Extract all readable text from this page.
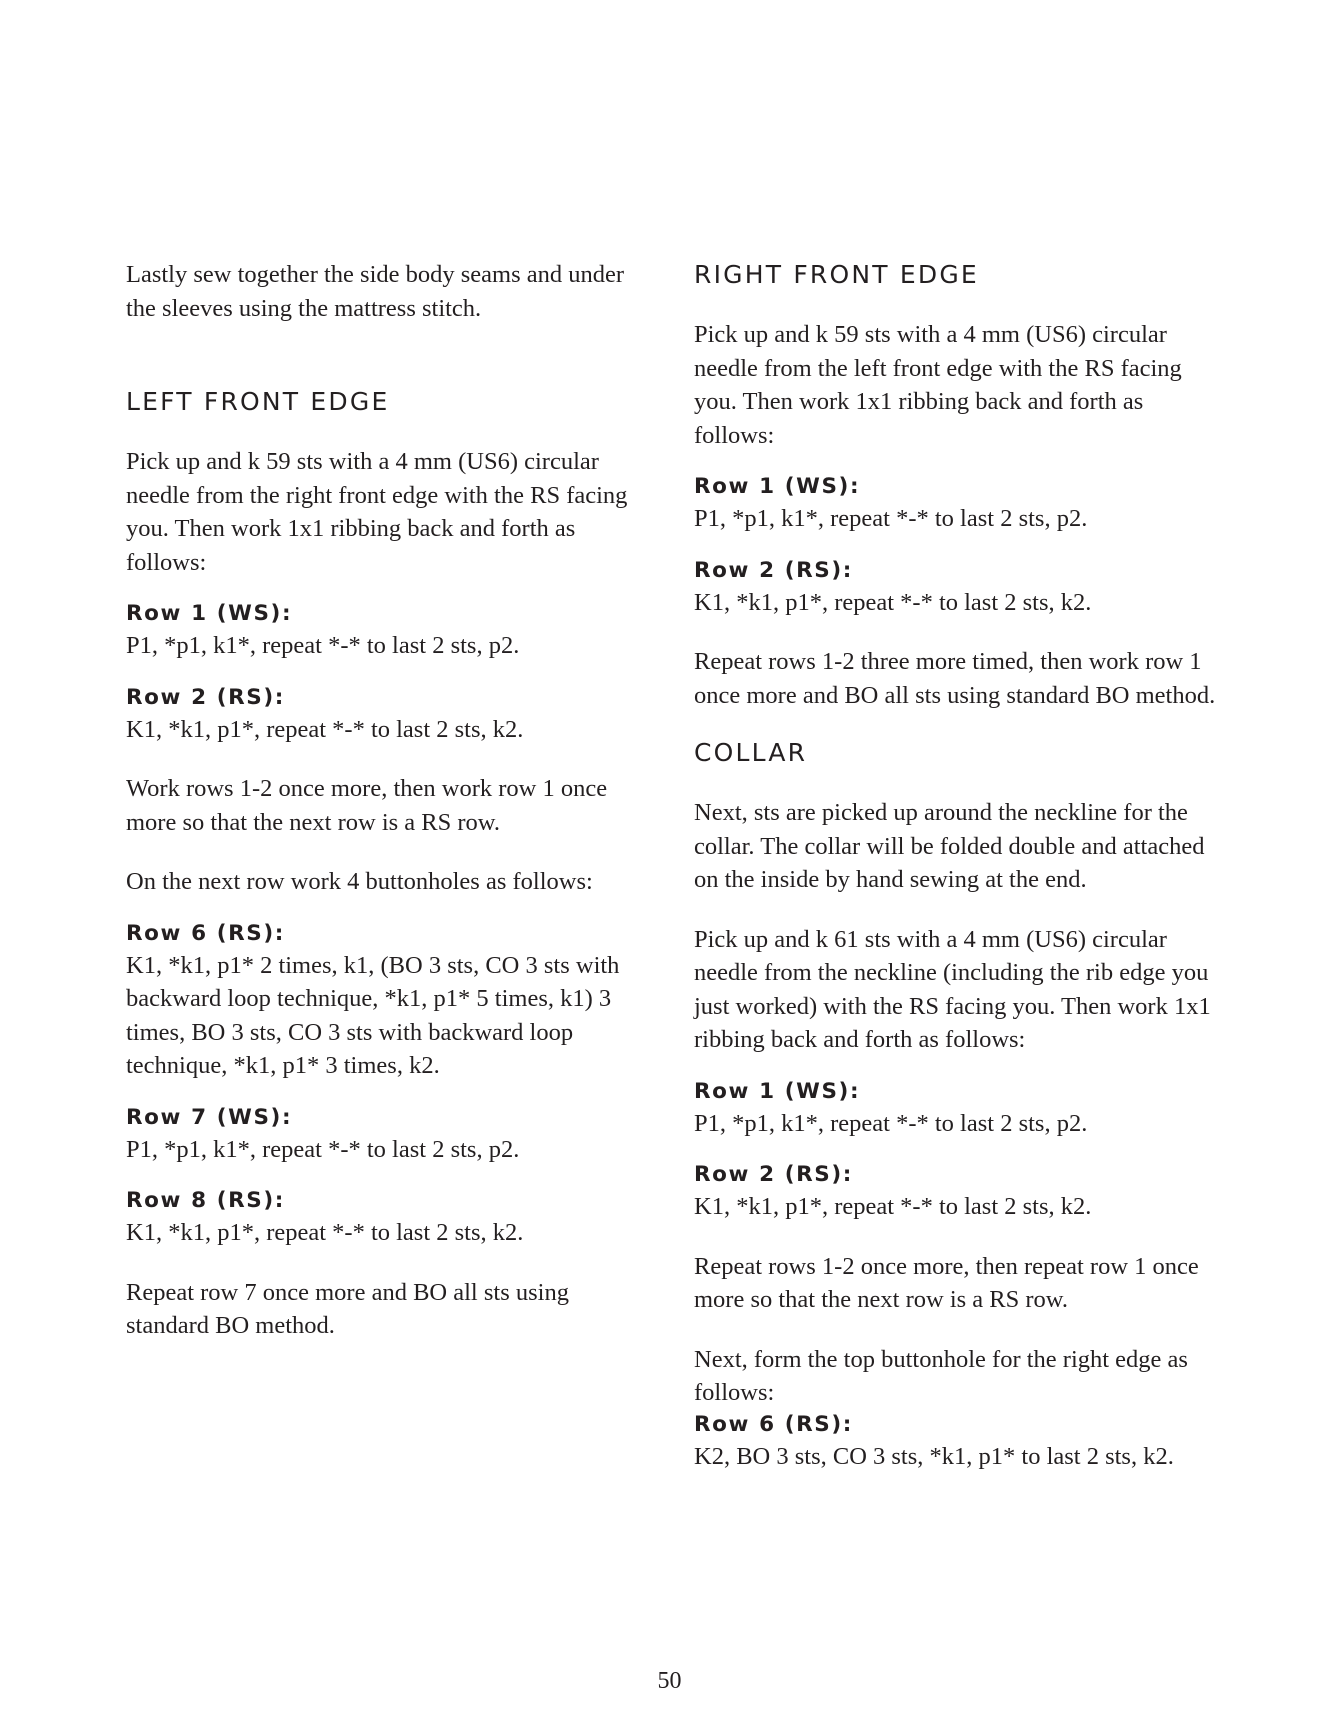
Lastly sew together the side body seams and under the sleeves using the mattress stitch.

LEFT FRONT EDGE

Pick up and k 59 sts with a 4 mm (US6) circular needle from the right front edge with the RS facing you. Then work 1x1 ribbing back and forth as follows:

Row 1 (WS):

P1, *p1, k1*, repeat *-* to last 2 sts, p2.

Row 2 (RS):

K1, *k1, p1*, repeat *-* to last 2 sts, k2.

Work rows 1-2 once more, then work row 1 once more so that the next row is a RS row.

On the next row work 4 buttonholes as follows:

Row 6 (RS):

K1, *k1, p1* 2 times, k1, (BO 3 sts, CO 3 sts with backward loop technique, *k1, p1* 5 times, k1) 3 times, BO 3 sts, CO 3 sts with backward loop technique, *k1, p1* 3 times, k2.

Row 7 (WS):

P1, *p1, k1*, repeat *-* to last 2 sts, p2.

Row 8 (RS):

K1, *k1, p1*, repeat *-* to last 2 sts, k2.

Repeat row 7 once more and BO all sts using standard BO method.

RIGHT FRONT EDGE

Pick up and k 59 sts with a 4 mm (US6) circular needle from the left front edge with the RS facing you. Then work 1x1 ribbing back and forth as follows:

Row 1 (WS):

P1, *p1, k1*, repeat *-* to last 2 sts, p2.

Row 2 (RS):

K1, *k1, p1*, repeat *-* to last 2 sts, k2.

Repeat rows 1-2 three more timed, then work row 1 once more and BO all sts using standard BO method.

COLLAR

Next, sts are picked up around the neckline for the collar. The collar will be folded double and attached on the inside by hand sewing at the end.

Pick up and k 61 sts with a 4 mm (US6) circular needle from the neckline (including the rib edge you just worked) with the RS facing you. Then work 1x1 ribbing back and forth as follows:

Row 1 (WS):

P1, *p1, k1*, repeat *-* to last 2 sts, p2.

Row 2 (RS):

K1, *k1, p1*, repeat *-* to last 2 sts, k2.

Repeat rows 1-2 once more, then repeat row 1 once more so that the next row is a RS row.

Next, form the top buttonhole for the right edge as follows:

Row 6 (RS):

K2, BO 3 sts, CO 3 sts, *k1, p1* to last 2 sts, k2.

50
